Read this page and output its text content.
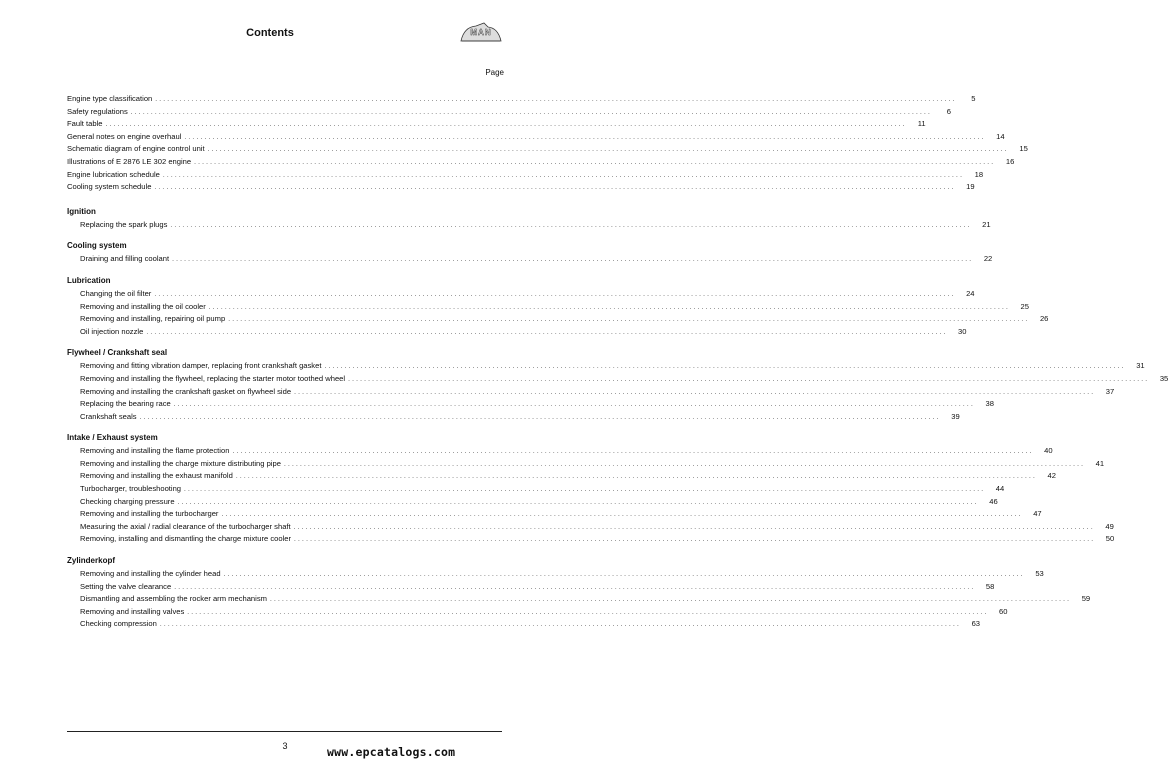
Contents	MAN
Page
Engine type classification ........................................................................................................................................................................................................	5
Safety regulations ........................................................................................................................................................................................................	6
Fault table ........................................................................................................................................................................................................	11
General notes on engine overhaul ........................................................................................................................................................................................................	14
Schematic diagram of engine control unit ........................................................................................................................................................................................................	15
Illustrations of E 2876 LE 302 engine ........................................................................................................................................................................................................	16
Engine lubrication schedule ........................................................................................................................................................................................................	18
Cooling system schedule ........................................................................................................................................................................................................	19
Ignition
Replacing the spark plugs ........................................................................................................................................................................................................	21
Cooling system
Draining and filling coolant ........................................................................................................................................................................................................	22
Lubrication
Changing the oil filter ........................................................................................................................................................................................................	24
Removing and installing the oil cooler ........................................................................................................................................................................................................	25
Removing and installing, repairing oil pump ........................................................................................................................................................................................................	26
Oil injection nozzle ........................................................................................................................................................................................................	30
Flywheel / Crankshaft seal
Removing and fitting vibration damper, replacing front crankshaft gasket ........................................................................................................................................................................................................	31
Removing and installing the flywheel, replacing the starter motor toothed wheel ........................................................................................................................................................................................................	35
Removing and installing the crankshaft gasket on flywheel side ........................................................................................................................................................................................................	37
Replacing the bearing race ........................................................................................................................................................................................................	38
Crankshaft seals ........................................................................................................................................................................................................	39
Intake / Exhaust system
Removing and installing the flame protection ........................................................................................................................................................................................................	40
Removing and installing the charge mixture distributing pipe ........................................................................................................................................................................................................	41
Removing and installing the exhaust manifold ........................................................................................................................................................................................................	42
Turbocharger, troubleshooting ........................................................................................................................................................................................................	44
Checking charging pressure ........................................................................................................................................................................................................	46
Removing and installing the turbocharger ........................................................................................................................................................................................................	47
Measuring the axial / radial clearance of the turbocharger shaft ........................................................................................................................................................................................................	49
Removing, installing and dismantling the charge mixture cooler ........................................................................................................................................................................................................	50
Zylinderkopf
Removing and installing the cylinder head ........................................................................................................................................................................................................	53
Setting the valve clearance ........................................................................................................................................................................................................	58
Dismantling and assembling the rocker arm mechanism ........................................................................................................................................................................................................	59
Removing and installing valves ........................................................................................................................................................................................................	60
Checking compression ........................................................................................................................................................................................................	63
3	www.epcatalogs.com
